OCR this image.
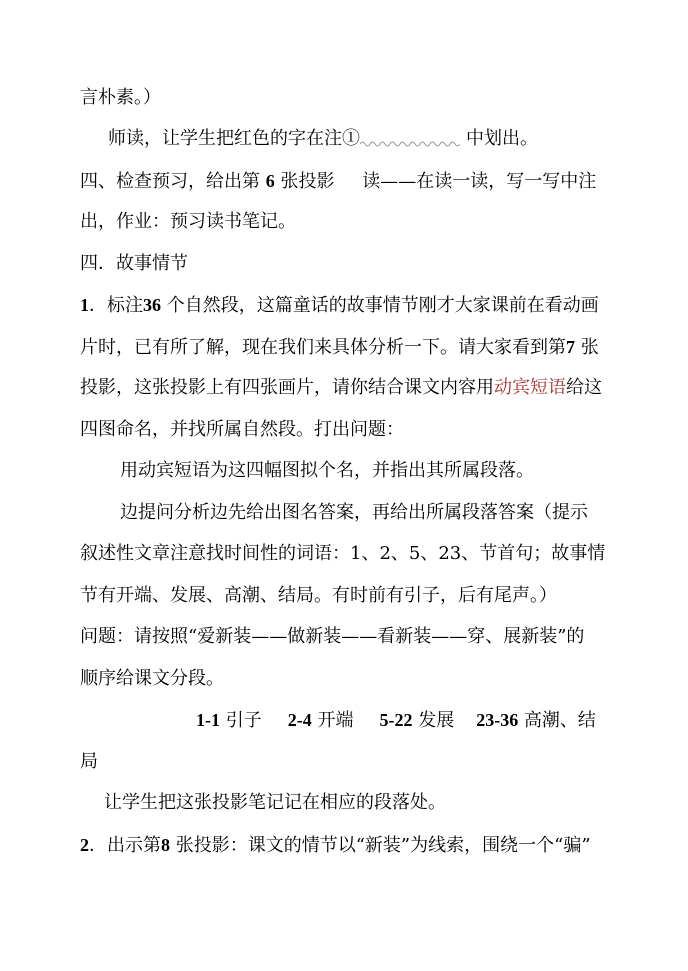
言朴素。）
师读，让学生把红色的字在注①	中划出。
四、检查预习，给出第 6 张投影 读——在读一读，写一写中注
出，作业：预习读书笔记。
四．故事情节
1．标注36 个自然段，这篇童话的故事情节刚才大家课前在看动画
片时，已有所了解，现在我们来具体分析一下。请大家看到第7 张
投影，这张投影上有四张画片，请你结合课文内容用动宾短语给这
四图命名，并找所属自然段。打出问题：
用动宾短语为这四幅图拟个名，并指出其所属段落。
边提问分析边先给出图名答案，再给出所属段落答案（提示
叙述性文章注意找时间性的词语：1、2、5、23、节首句；故事情
节有开端、发展、高潮、结局。有时前有引子，后有尾声。）
问题：请按照“爱新装——做新装——看新装——穿、展新装”的
顺序给课文分段。
1-1 引子 2-4 开端 5-22 发展 23-36 高潮、结
局
让学生把这张投影笔记记在相应的段落处。
2．出示第8 张投影：课文的情节以“新装”为线索，围绕一个“骗”
